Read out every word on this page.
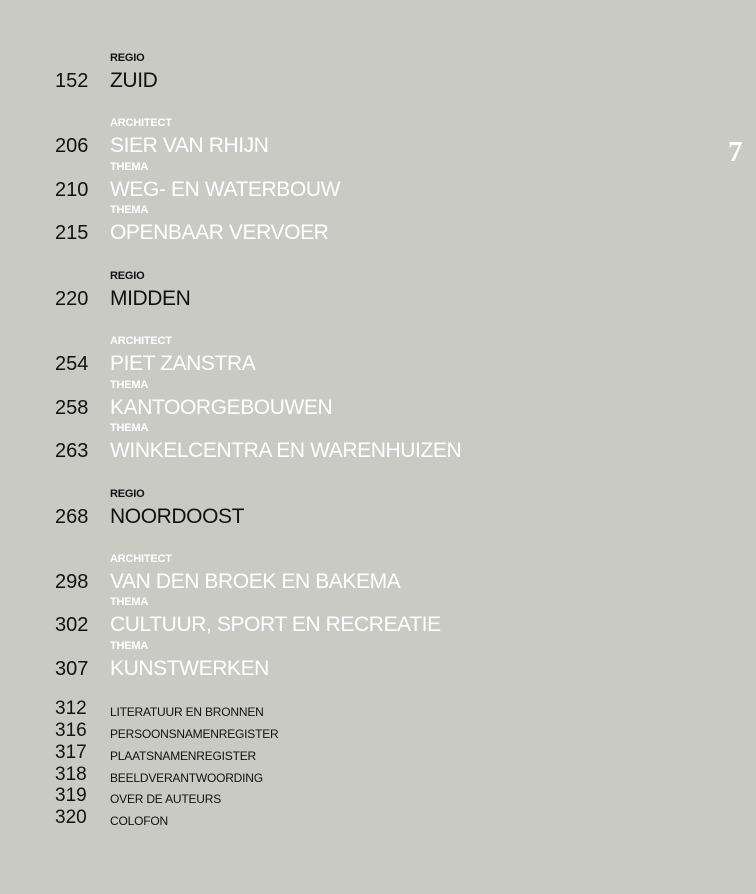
7
REGIO
152 ZUID
ARCHITECT
206 SIER VAN RHIJN
THEMA
210 WEG- EN WATERBOUW
THEMA
215 OPENBAAR VERVOER
REGIO
220 MIDDEN
ARCHITECT
254 PIET ZANSTRA
THEMA
258 KANTOORGEBOUWEN
THEMA
263 WINKELCENTRA EN WARENHUIZEN
REGIO
268 NOORDOOST
ARCHITECT
298 VAN DEN BROEK EN BAKEMA
THEMA
302 CULTUUR, SPORT EN RECREATIE
THEMA
307 KUNSTWERKEN
312 LITERATUUR EN BRONNEN
316 PERSOONSNAMENREGISTER
317 PLAATSNAMENREGISTER
318 BEELDVERANTWOORDING
319 OVER DE AUTEURS
320 COLOFON
